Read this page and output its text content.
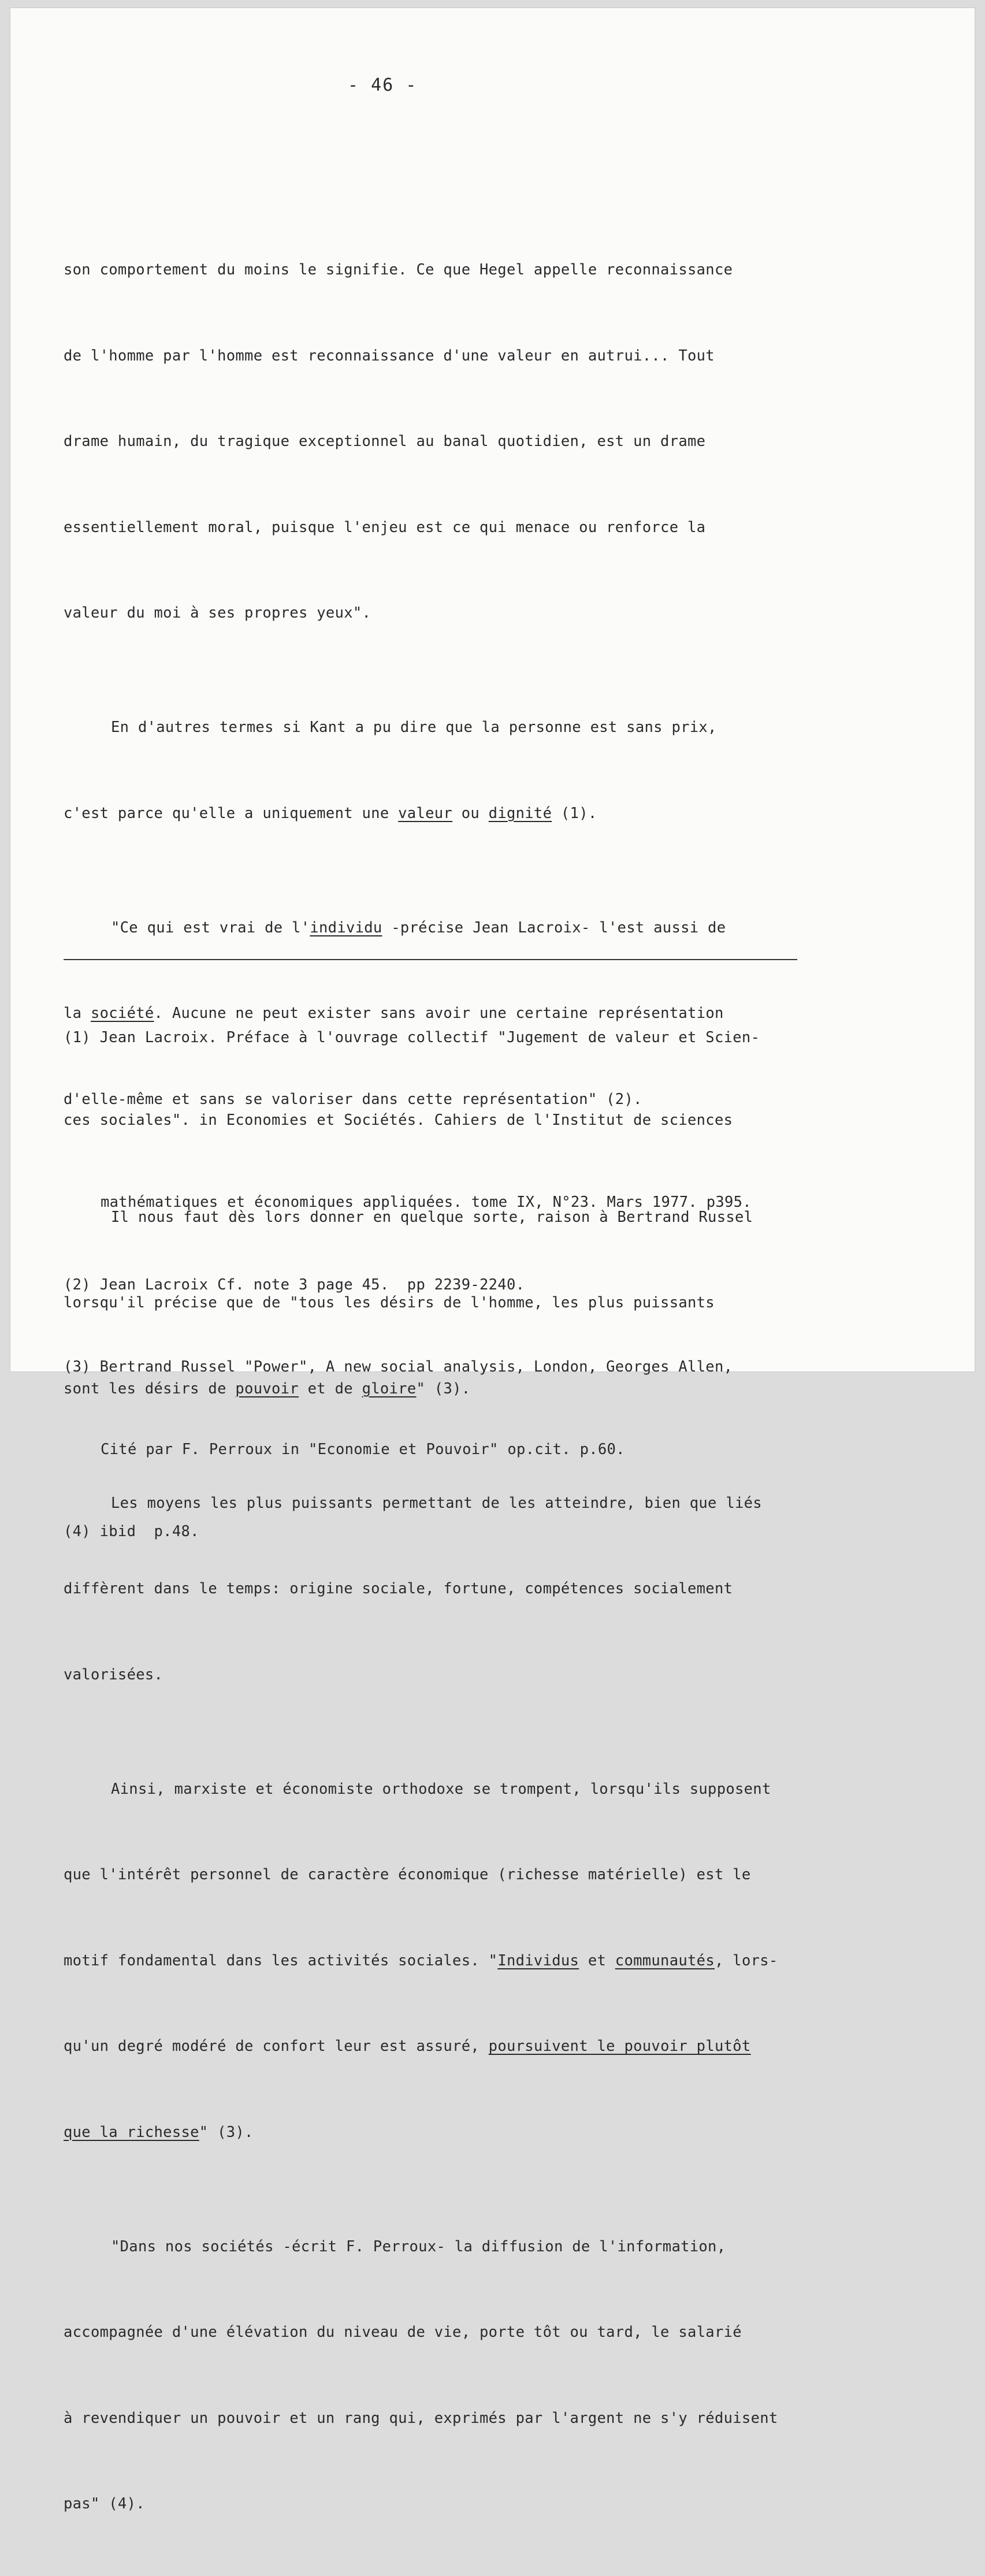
- 46 -

son comportement du moins le signifie. Ce que Hegel appelle reconnaissance

de l'homme par l'homme est reconnaissance d'une valeur en autrui... Tout

drame humain, du tragique exceptionnel au banal quotidien, est un drame

essentiellement moral, puisque l'enjeu est ce qui menace ou renforce la

valeur du moi à ses propres yeux".

En d'autres termes si Kant a pu dire que la personne est sans prix,

c'est parce qu'elle a uniquement une valeur ou dignité (1).

"Ce qui est vrai de l'individu -précise Jean Lacroix- l'est aussi de

la société. Aucune ne peut exister sans avoir une certaine représentation

d'elle-même et sans se valoriser dans cette représentation" (2).

Il nous faut dès lors donner en quelque sorte, raison à Bertrand Russel

lorsqu'il précise que de "tous les désirs de l'homme, les plus puissants

sont les désirs de pouvoir et de gloire" (3).

Les moyens les plus puissants permettant de les atteindre, bien que liés

diffèrent dans le temps: origine sociale, fortune, compétences socialement

valorisées.

Ainsi, marxiste et économiste orthodoxe se trompent, lorsqu'ils supposent

que l'intérêt personnel de caractère économique (richesse matérielle) est le

motif fondamental dans les activités sociales. "Individus et communautés, lors-

qu'un degré modéré de confort leur est assuré, poursuivent le pouvoir plutôt

que la richesse" (3).

"Dans nos sociétés -écrit F. Perroux- la diffusion de l'information,

accompagnée d'une élévation du niveau de vie, porte tôt ou tard, le salarié

à revendiquer un pouvoir et un rang qui, exprimés par l'argent ne s'y réduisent

pas" (4).

(1) Jean Lacroix. Préface à l'ouvrage collectif "Jugement de valeur et Scien-

ces sociales". in Economies et Sociétés. Cahiers de l'Institut de sciences

mathématiques et économiques appliquées. tome IX, N°23. Mars 1977. p395.

(2) Jean Lacroix Cf. note 3 page 45.  pp 2239-2240.

(3) Bertrand Russel "Power", A new social analysis, London, Georges Allen,

Cité par F. Perroux in "Economie et Pouvoir" op.cit. p.60.

(4) ibid  p.48.
